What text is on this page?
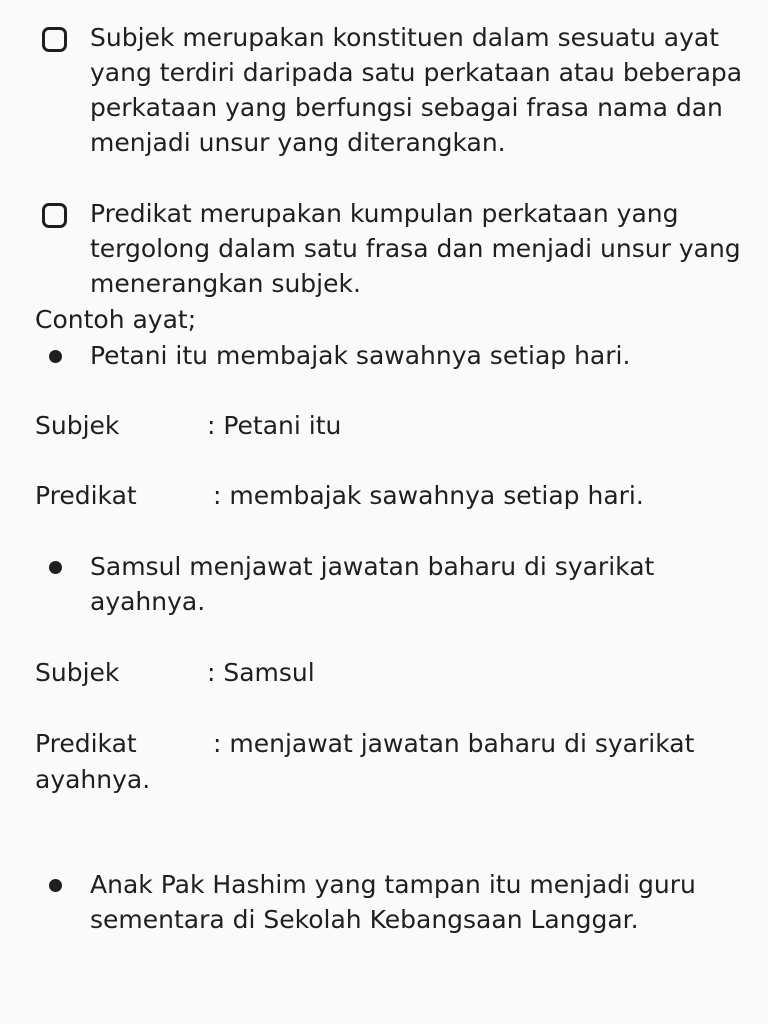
Subjek merupakan konstituen dalam sesuatu ayat
yang terdiri daripada satu perkataan atau beberapa
perkataan yang berfungsi sebagai frasa nama dan
menjadi unsur yang diterangkan.
Predikat merupakan kumpulan perkataan yang
tergolong dalam satu frasa dan menjadi unsur yang
menerangkan subjek.
Contoh ayat;
Petani itu membajak sawahnya setiap hari.
Subjek	: Petani itu
Predikat	: membajak sawahnya setiap hari.
Samsul menjawat jawatan baharu di syarikat
ayahnya.
Subjek	: Samsul
Predikat	: menjawat jawatan baharu di syarikat
ayahnya.
Anak Pak Hashim yang tampan itu menjadi guru
sementara di Sekolah Kebangsaan Langgar.
